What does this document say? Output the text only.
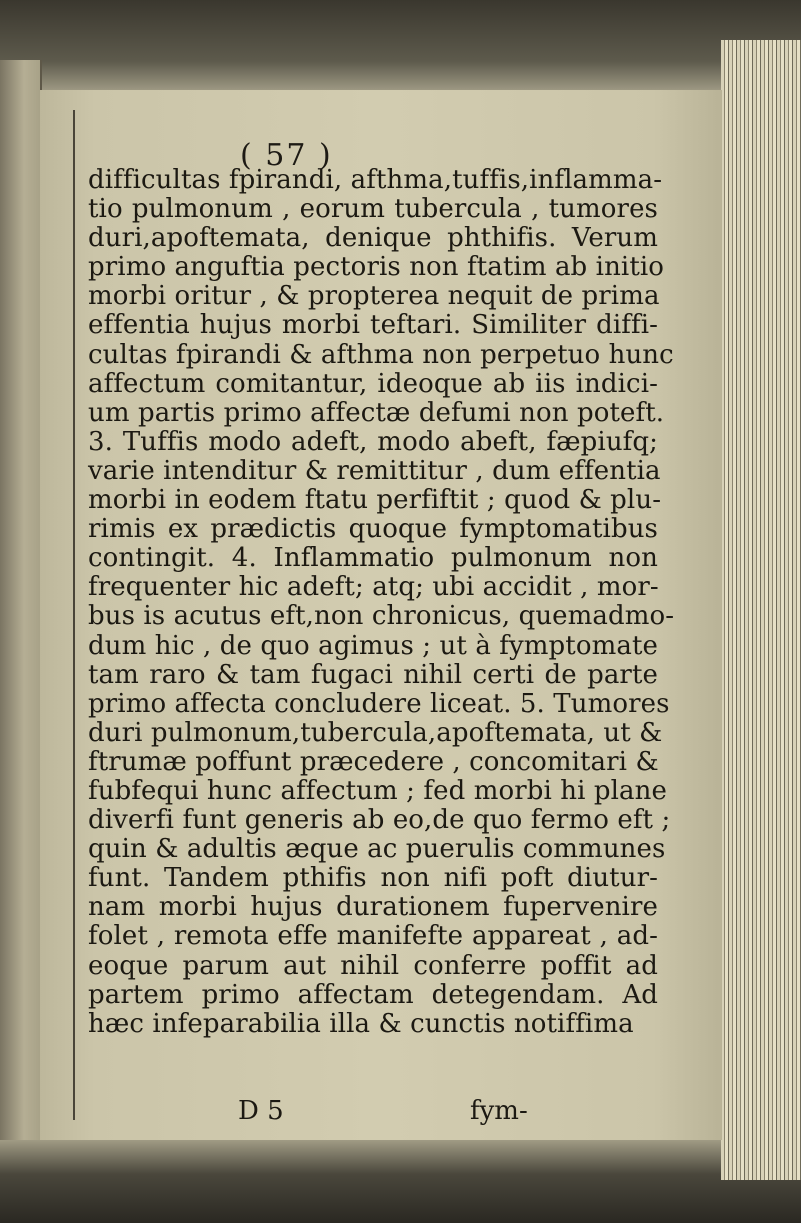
( 57 )
difficultas fpirandi, afthma,tuffis,inflamma-
tio pulmonum , eorum tubercula , tumores
duri,apoftemata, denique phthifis. Verum
primo anguftia pectoris non ftatim ab initio
morbi oritur , & propterea nequit de prima
effentia hujus morbi teftari. Similiter diffi-
cultas fpirandi & afthma non perpetuo hunc
affectum comitantur, ideoque ab iis indici-
um partis primo affectæ defumi non poteft.
3. Tuffis modo adeft, modo abeft, fæpiufq;
varie intenditur & remittitur , dum effentia
morbi in eodem ftatu perfiftit ; quod & plu-
rimis ex prædictis quoque fymptomatibus
contingit. 4. Inflammatio pulmonum non
frequenter hic adeft; atq; ubi accidit , mor-
bus is acutus eft,non chronicus, quemadmo-
dum hic , de quo agimus ; ut à fymptomate
tam raro & tam fugaci nihil certi de parte
primo affecta concludere liceat. 5. Tumores
duri pulmonum,tubercula,apoftemata, ut &
ftrumæ poffunt præcedere , concomitari &
fubfequi hunc affectum ; fed morbi hi plane
diverfi funt generis ab eo,de quo fermo eft ;
quin & adultis æque ac puerulis communes
funt. Tandem pthifis non nifi poft diutur-
nam morbi hujus durationem fupervenire
folet , remota effe manifefte appareat , ad-
eoque parum aut nihil conferre poffit ad
partem primo affectam detegendam. Ad
hæc infeparabilia illa & cunctis notiffima
D 5	fym-
